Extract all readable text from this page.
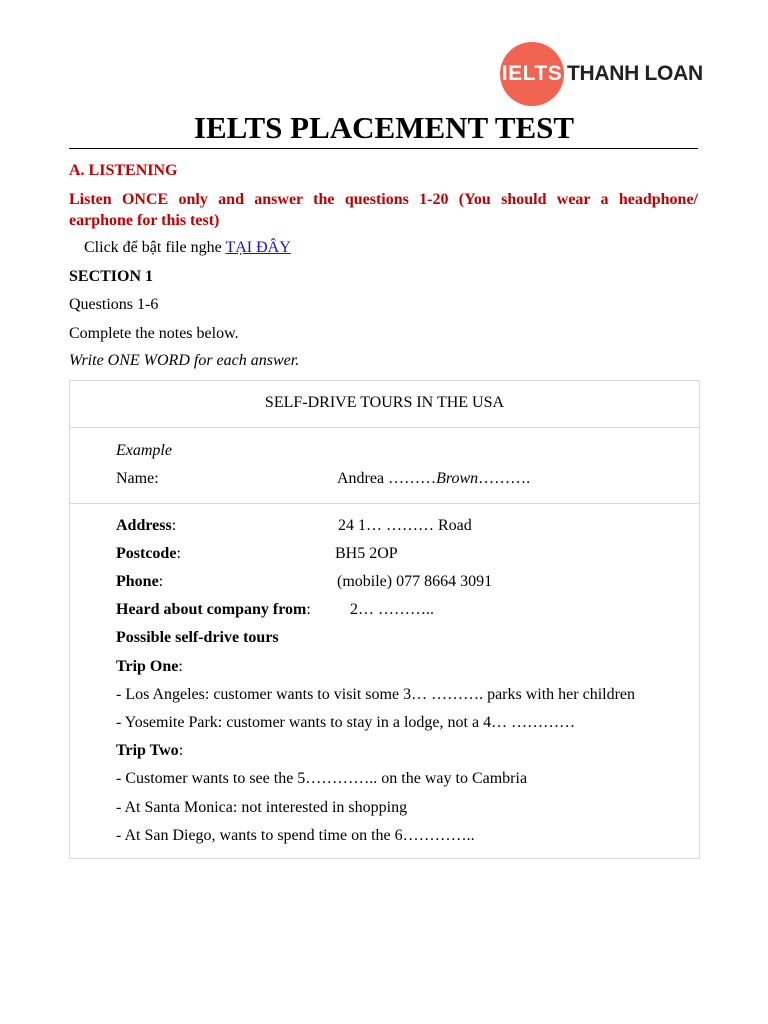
IELTS THANH LOAN
IELTS PLACEMENT TEST
A. LISTENING
Listen ONCE only and answer the questions 1-20 (You should wear a headphone/
earphone for this test)
Click để bật file nghe TẠI ĐÂY
SECTION 1
Questions 1-6
Complete the notes below.
Write ONE WORD for each answer.
SELF-DRIVE TOURS IN THE USA
Example
Name:	Andrea ………Brown……….
Address:	24 1… ……… Road
Postcode:	BH5 2OP
Phone:	(mobile) 077 8664 3091
Heard about company from: 2… ………..
Possible self-drive tours
Trip One:
- Los Angeles: customer wants to visit some 3… ………. parks with her children
- Yosemite Park: customer wants to stay in a lodge, not a 4… …………
Trip Two:
- Customer wants to see the 5………….. on the way to Cambria
- At Santa Monica: not interested in shopping
- At San Diego, wants to spend time on the 6…………..
